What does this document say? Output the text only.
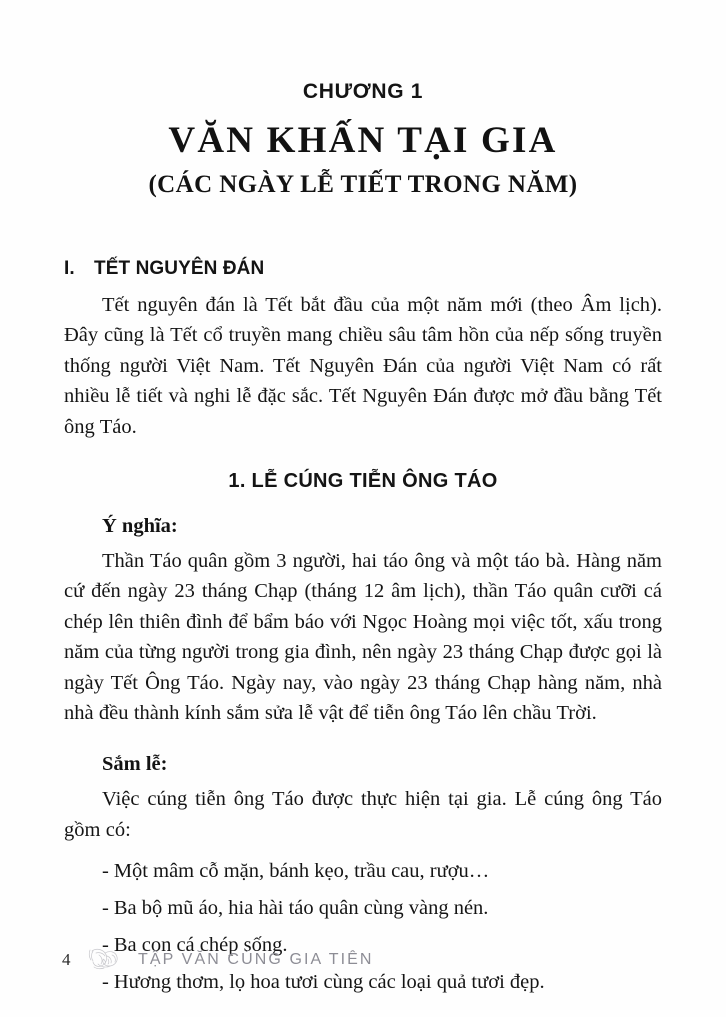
CHƯƠNG 1
VĂN KHẤN TẠI GIA
(CÁC NGÀY LỄ TIẾT TRONG NĂM)
I.	TẾT NGUYÊN ĐÁN

Tết nguyên đán là Tết bắt đầu của một năm mới (theo Âm lịch). Đây cũng là Tết cổ truyền mang chiều sâu tâm hồn của nếp sống truyền thống người Việt Nam. Tết Nguyên Đán của người Việt Nam có rất nhiều lễ tiết và nghi lễ đặc sắc. Tết Nguyên Đán được mở đầu bằng Tết ông Táo.

1. LỄ CÚNG TIỄN ÔNG TÁO
Ý nghĩa:

Thần Táo quân gồm 3 người, hai táo ông và một táo bà. Hàng năm cứ đến ngày 23 tháng Chạp (tháng 12 âm lịch), thần Táo quân cưỡi cá chép lên thiên đình để bẩm báo với Ngọc Hoàng mọi việc tốt, xấu trong năm của từng người trong gia đình, nên ngày 23 tháng Chạp được gọi là ngày Tết Ông Táo. Ngày nay, vào ngày 23 tháng Chạp hàng năm, nhà nhà đều thành kính sắm sửa lễ vật để tiễn ông Táo lên chầu Trời.

Sắm lễ:

Việc cúng tiễn ông Táo được thực hiện tại gia. Lễ cúng ông Táo gồm có:

- Một mâm cỗ mặn, bánh kẹo, trầu cau, rượu…
- Ba bộ mũ áo, hia hài táo quân cùng vàng nén.
- Ba con cá chép sống.
- Hương thơm, lọ hoa tươi cùng các loại quả tươi đẹp.
4	TẬP VĂN CÚNG GIA TIÊN
